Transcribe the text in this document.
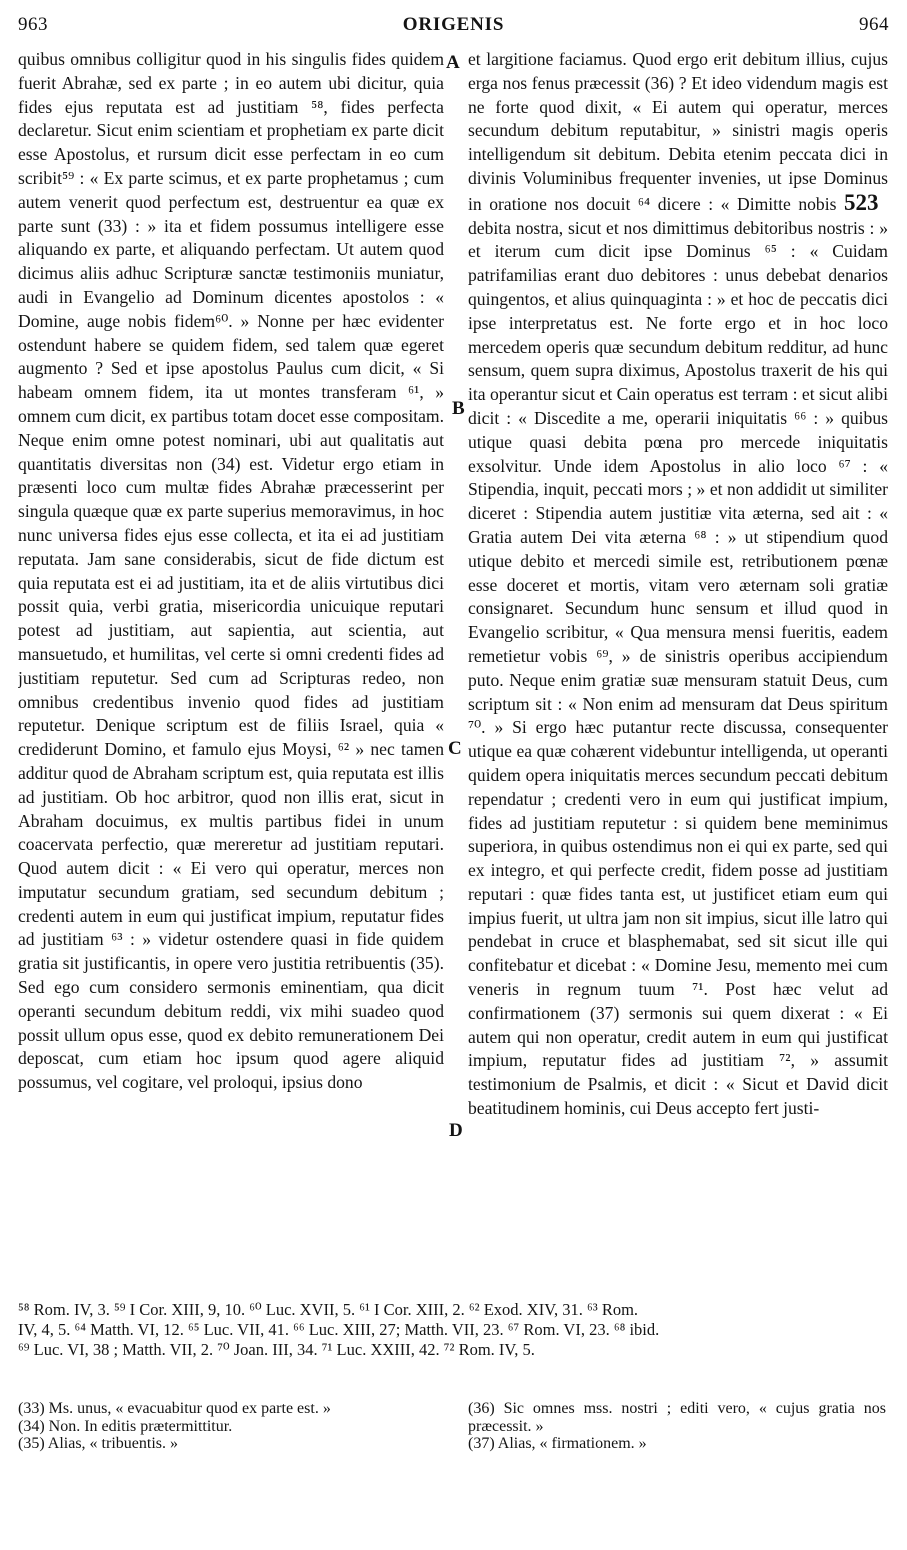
963	ORIGENIS	964

quibus omnibus colligitur quod in his singulis fides quidem fuerit Abrahæ, sed ex parte ; in eo autem ubi dicitur, quia fides ejus reputata est ad justitiam ⁵⁸, fides perfecta declaretur. Sicut enim scientiam et prophetiam ex parte dicit esse Apostolus, et rursum dicit esse perfectam in eo cum scribit⁵⁹ : « Ex parte scimus, et ex parte prophetamus ; cum autem venerit quod perfectum est, destruentur ea quæ ex parte sunt (33) : » ita et fidem possumus intelligere esse aliquando ex parte, et aliquando perfectam. Ut autem quod dicimus aliis adhuc Scripturæ sanctæ testimoniis muniatur, audi in Evangelio ad Dominum dicentes apostolos : « Domine, auge nobis fidem⁶⁰. » Nonne per hæc evidenter ostendunt habere se quidem fidem, sed talem quæ egeret augmento ? Sed et ipse apostolus Paulus cum dicit, « Si habeam omnem fidem, ita ut montes transferam ⁶¹, » omnem cum dicit, ex partibus totam docet esse compositam. Neque enim omne potest nominari, ubi aut qualitatis aut quantitatis diversitas non (34) est. Videtur ergo etiam in præsenti loco cum multæ fides Abrahæ præcesserint per singula quæque quæ ex parte superius memoravimus, in hoc nunc universa fides ejus esse collecta, et ita ei ad justitiam reputata. Jam sane considerabis, sicut de fide dictum est quia reputata est ei ad justitiam, ita et de aliis virtutibus dici possit quia, verbi gratia, misericordia unicuique reputari potest ad justitiam, aut sapientia, aut scientia, aut mansuetudo, et humilitas, vel certe si omni credenti fides ad justitiam reputetur. Sed cum ad Scripturas redeo, non omnibus credentibus invenio quod fides ad justitiam reputetur. Denique scriptum est de filiis Israel, quia « crediderunt Domino, et famulo ejus Moysi, ⁶² » nec tamen additur quod de Abraham scriptum est, quia reputata est illis ad justitiam. Ob hoc arbitror, quod non illis erat, sicut in Abraham docuimus, ex multis partibus fidei in unum coacervata perfectio, quæ mereretur ad justitiam reputari. Quod autem dicit : « Ei vero qui operatur, merces non imputatur secundum gratiam, sed secundum debitum ; credenti autem in eum qui justificat impium, reputatur fides ad justitiam ⁶³ : » videtur ostendere quasi in fide quidem gratia sit justificantis, in opere vero justitia retribuentis (35). Sed ego cum considero sermonis eminentiam, qua dicit operanti secundum debitum reddi, vix mihi suadeo quod possit ullum opus esse, quod ex debito remunerationem Dei deposcat, cum etiam hoc ipsum quod agere aliquid possumus, vel cogitare, vel proloqui, ipsius dono

A
B
C
D

et largitione faciamus. Quod ergo erit debitum illius, cujus erga nos fenus præcessit (36) ? Et ideo videndum magis est ne forte quod dixit, « Ei autem qui operatur, merces secundum debitum reputabitur, » sinistri magis operis intelligendum sit debitum. Debita etenim peccata dici in divinis Voluminibus frequenter invenies, ut ipse Dominus in oratione nos docuit ⁶⁴ dicere : « Dimitte nobis 523debita nostra, sicut et nos dimittimus debitoribus nostris : » et iterum cum dicit ipse Dominus ⁶⁵ : « Cuidam patrifamilias erant duo debitores : unus debebat denarios quingentos, et alius quinquaginta : » et hoc de peccatis dici ipse interpretatus est. Ne forte ergo et in hoc loco mercedem operis quæ secundum debitum redditur, ad hunc sensum, quem supra diximus, Apostolus traxerit de his qui ita operantur sicut et Cain operatus est terram : et sicut alibi dicit : « Discedite a me, operarii iniquitatis ⁶⁶ : » quibus utique quasi debita pœna pro mercede iniquitatis exsolvitur. Unde idem Apostolus in alio loco ⁶⁷ : « Stipendia, inquit, peccati mors ; » et non addidit ut similiter diceret : Stipendia autem justitiæ vita æterna, sed ait : « Gratia autem Dei vita æterna ⁶⁸ : » ut stipendium quod utique debito et mercedi simile est, retributionem pœnæ esse doceret et mortis, vitam vero æternam soli gratiæ consignaret. Secundum hunc sensum et illud quod in Evangelio scribitur, « Qua mensura mensi fueritis, eadem remetietur vobis ⁶⁹, » de sinistris operibus accipiendum puto. Neque enim gratiæ suæ mensuram statuit Deus, cum scriptum sit : « Non enim ad mensuram dat Deus spiritum ⁷⁰. » Si ergo hæc putantur recte discussa, consequenter utique ea quæ cohærent videbuntur intelligenda, ut operanti quidem opera iniquitatis merces secundum peccati debitum rependatur ; credenti vero in eum qui justificat impium, fides ad justitiam reputetur : si quidem bene meminimus superiora, in quibus ostendimus non ei qui ex parte, sed qui ex integro, et qui perfecte credit, fidem posse ad justitiam reputari : quæ fides tanta est, ut justificet etiam eum qui impius fuerit, ut ultra jam non sit impius, sicut ille latro qui pendebat in cruce et blasphemabat, sed sit sicut ille qui confitebatur et dicebat : « Domine Jesu, memento mei cum veneris in regnum tuum ⁷¹. Post hæc velut ad confirmationem (37) sermonis sui quem dixerat : « Ei autem qui non operatur, credit autem in eum qui justificat impium, reputatur fides ad justitiam ⁷², » assumit testimonium de Psalmis, et dicit : « Sicut et David dicit beatitudinem hominis, cui Deus accepto fert justi-

⁵⁸ Rom. IV, 3. ⁵⁹ I Cor. XIII, 9, 10. ⁶⁰ Luc. XVII, 5. ⁶¹ I Cor. XIII, 2. ⁶² Exod. XIV, 31. ⁶³ Rom.

IV, 4, 5. ⁶⁴ Matth. VI, 12. ⁶⁵ Luc. VII, 41. ⁶⁶ Luc. XIII, 27; Matth. VII, 23. ⁶⁷ Rom. VI, 23. ⁶⁸ ibid.

⁶⁹ Luc. VI, 38 ; Matth. VII, 2. ⁷⁰ Joan. III, 34. ⁷¹ Luc. XXIII, 42. ⁷² Rom. IV, 5.

(33) Ms. unus, « evacuabitur quod ex parte est. »

(34) Non. In editis prætermittitur.

(35) Alias, « tribuentis. »

(36) Sic omnes mss. nostri ; editi vero, « cujus gratia nos præcessit. »

(37) Alias, « firmationem. »
